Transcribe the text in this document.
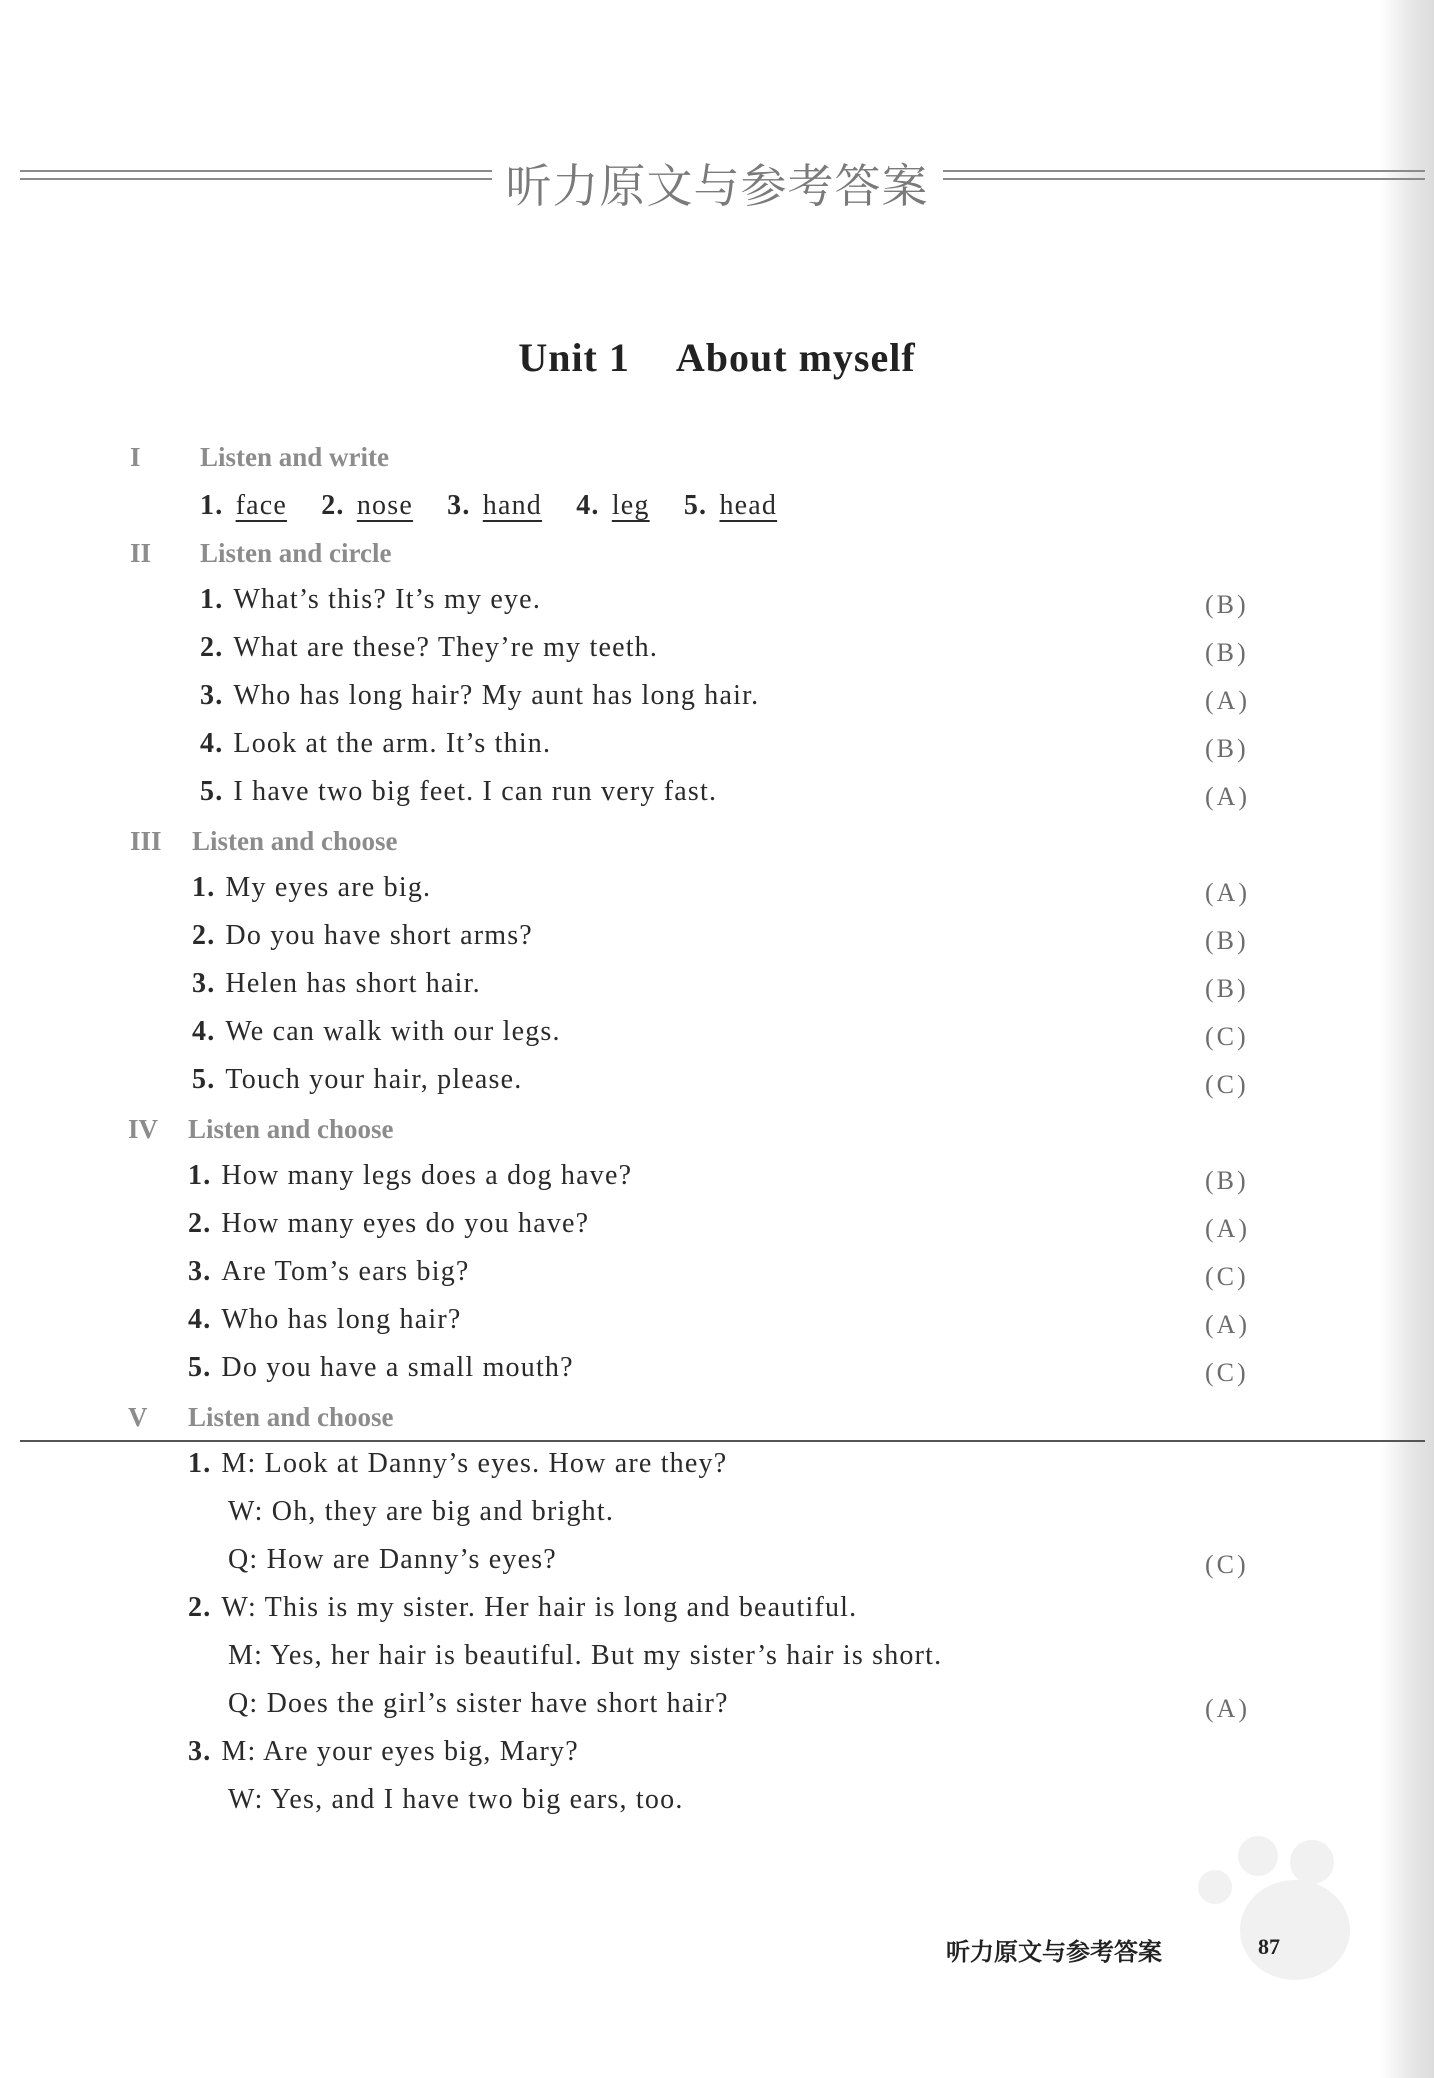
听力原文与参考答案
Unit 1 About myself
I Listen and write
1. face 2. nose 3. hand 4. leg 5. head
II Listen and circle
1. What’s this? It’s my eye.	(B)
2. What are these? They’re my teeth.	(B)
3. Who has long hair? My aunt has long hair.	(A)
4. Look at the arm. It’s thin.	(B)
5. I have two big feet. I can run very fast.	(A)
III Listen and choose
1. My eyes are big.	(A)
2. Do you have short arms?	(B)
3. Helen has short hair.	(B)
4. We can walk with our legs.	(C)
5. Touch your hair, please.	(C)
IV Listen and choose
1. How many legs does a dog have?	(B)
2. How many eyes do you have?	(A)
3. Are Tom’s ears big?	(C)
4. Who has long hair?	(A)
5. Do you have a small mouth?	(C)
V Listen and choose
1. M: Look at Danny’s eyes. How are they?
W: Oh, they are big and bright.
Q: How are Danny’s eyes?	(C)
2. W: This is my sister. Her hair is long and beautiful.
M: Yes, her hair is beautiful. But my sister’s hair is short.
Q: Does the girl’s sister have short hair?	(A)
3. M: Are your eyes big, Mary?
W: Yes, and I have two big ears, too.
听力原文与参考答案	87
